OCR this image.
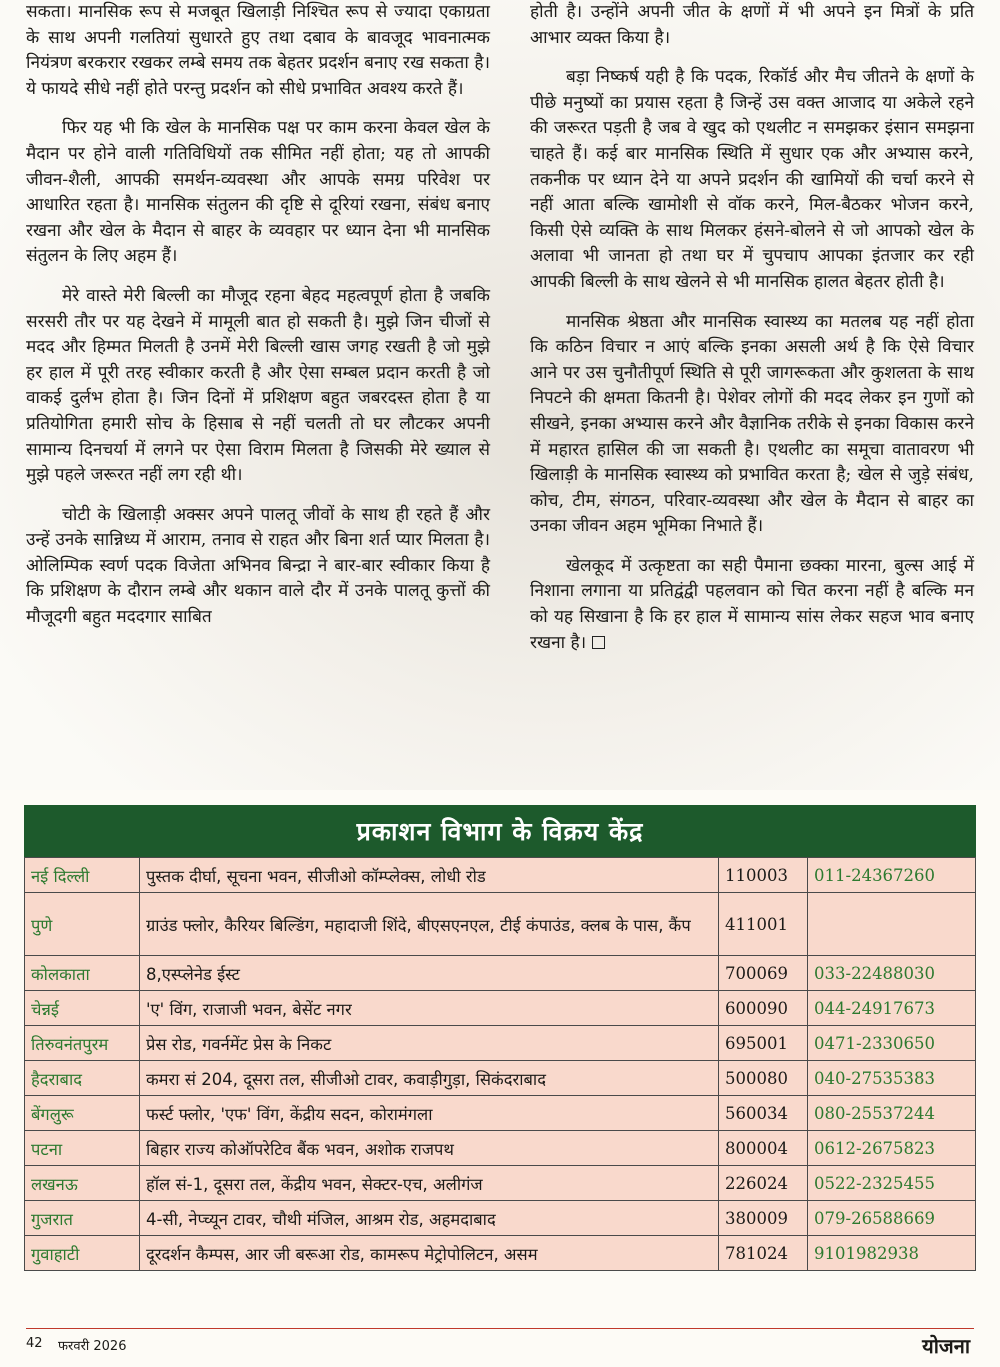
सकता। मानसिक रूप से मजबूत खिलाड़ी निश्चित रूप से ज्यादा एकाग्रता के साथ अपनी गलतियां सुधारते हुए तथा दबाव के बावजूद भावनात्मक नियंत्रण बरकरार रखकर लम्बे समय तक बेहतर प्रदर्शन बनाए रख सकता है। ये फायदे सीधे नहीं होते परन्तु प्रदर्शन को सीधे प्रभावित अवश्य करते हैं।

फिर यह भी कि खेल के मानसिक पक्ष पर काम करना केवल खेल के मैदान पर होने वाली गतिविधियों तक सीमित नहीं होता; यह तो आपकी जीवन-शैली, आपकी समर्थन-व्यवस्था और आपके समग्र परिवेश पर आधारित रहता है। मानसिक संतुलन की दृष्टि से दूरियां रखना, संबंध बनाए रखना और खेल के मैदान से बाहर के व्यवहार पर ध्यान देना भी मानसिक संतुलन के लिए अहम हैं।

मेरे वास्ते मेरी बिल्ली का मौजूद रहना बेहद महत्वपूर्ण होता है जबकि सरसरी तौर पर यह देखने में मामूली बात हो सकती है। मुझे जिन चीजों से मदद और हिम्मत मिलती है उनमें मेरी बिल्ली खास जगह रखती है जो मुझे हर हाल में पूरी तरह स्वीकार करती है और ऐसा सम्बल प्रदान करती है जो वाकई दुर्लभ होता है। जिन दिनों में प्रशिक्षण बहुत जबरदस्त होता है या प्रतियोगिता हमारी सोच के हिसाब से नहीं चलती तो घर लौटकर अपनी सामान्य दिनचर्या में लगने पर ऐसा विराम मिलता है जिसकी मेरे ख्याल से मुझे पहले जरूरत नहीं लग रही थी।

चोटी के खिलाड़ी अक्सर अपने पालतू जीवों के साथ ही रहते हैं और उन्हें उनके सान्निध्य में आराम, तनाव से राहत और बिना शर्त प्यार मिलता है। ओलिम्पिक स्वर्ण पदक विजेता अभिनव बिन्द्रा ने बार-बार स्वीकार किया है कि प्रशिक्षण के दौरान लम्बे और थकान वाले दौर में उनके पालतू कुत्तों की मौजूदगी बहुत मददगार साबित

होती है। उन्होंने अपनी जीत के क्षणों में भी अपने इन मित्रों के प्रति आभार व्यक्त किया है।

बड़ा निष्कर्ष यही है कि पदक, रिकॉर्ड और मैच जीतने के क्षणों के पीछे मनुष्यों का प्रयास रहता है जिन्हें उस वक्त आजाद या अकेले रहने की जरूरत पड़ती है जब वे खुद को एथलीट न समझकर इंसान समझना चाहते हैं। कई बार मानसिक स्थिति में सुधार एक और अभ्यास करने, तकनीक पर ध्यान देने या अपने प्रदर्शन की खामियों की चर्चा करने से नहीं आता बल्कि खामोशी से वॉक करने, मिल-बैठकर भोजन करने, किसी ऐसे व्यक्ति के साथ मिलकर हंसने-बोलने से जो आपको खेल के अलावा भी जानता हो तथा घर में चुपचाप आपका इंतजार कर रही आपकी बिल्ली के साथ खेलने से भी मानसिक हालत बेहतर होती है।

मानसिक श्रेष्ठता और मानसिक स्वास्थ्य का मतलब यह नहीं होता कि कठिन विचार न आएं बल्कि इनका असली अर्थ है कि ऐसे विचार आने पर उस चुनौतीपूर्ण स्थिति से पूरी जागरूकता और कुशलता के साथ निपटने की क्षमता कितनी है। पेशेवर लोगों की मदद लेकर इन गुणों को सीखने, इनका अभ्यास करने और वैज्ञानिक तरीके से इनका विकास करने में महारत हासिल की जा सकती है। एथलीट का समूचा वातावरण भी खिलाड़ी के मानसिक स्वास्थ्य को प्रभावित करता है; खेल से जुड़े संबंध, कोच, टीम, संगठन, परिवार-व्यवस्था और खेल के मैदान से बाहर का उनका जीवन अहम भूमिका निभाते हैं।

खेलकूद में उत्कृष्टता का सही पैमाना छक्का मारना, बुल्स आई में निशाना लगाना या प्रतिद्वंद्वी पहलवान को चित करना नहीं है बल्कि मन को यह सिखाना है कि हर हाल में सामान्य सांस लेकर सहज भाव बनाए रखना है।

प्रकाशन विभाग के विक्रय केंद्र
नई दिल्ली	पुस्तक दीर्घा, सूचना भवन, सीजीओ कॉम्प्लेक्स, लोधी रोड	110003	011-24367260
पुणे	ग्राउंड फ्लोर, कैरियर बिल्डिंग, महादाजी शिंदे, बीएसएनएल, टीई कंपाउंड, क्लब के पास, कैंप	411001	
कोलकाता	8,एस्प्लेनेड ईस्ट	700069	033-22488030
चेन्नई	'ए' विंग, राजाजी भवन, बेसेंट नगर	600090	044-24917673
तिरुवनंतपुरम	प्रेस रोड, गवर्नमेंट प्रेस के निकट	695001	0471-2330650
हैदराबाद	कमरा सं 204, दूसरा तल, सीजीओ टावर, कवाड़ीगुड़ा, सिकंदराबाद	500080	040-27535383
बेंगलुरू	फर्स्ट फ्लोर, 'एफ' विंग, केंद्रीय सदन, कोरामंगला	560034	080-25537244
पटना	बिहार राज्य कोऑपरेटिव बैंक भवन, अशोक राजपथ	800004	0612-2675823
लखनऊ	हॉल सं-1, दूसरा तल, केंद्रीय भवन, सेक्टर-एच, अलीगंज	226024	0522-2325455
गुजरात	4-सी, नेप्च्यून टावर, चौथी मंजिल, आश्रम रोड, अहमदाबाद	380009	079-26588669
गुवाहाटी	दूरदर्शन कैम्पस, आर जी बरूआ रोड, कामरूप मेट्रोपोलिटन, असम	781024	9101982938
42 फरवरी 2026	योजना
